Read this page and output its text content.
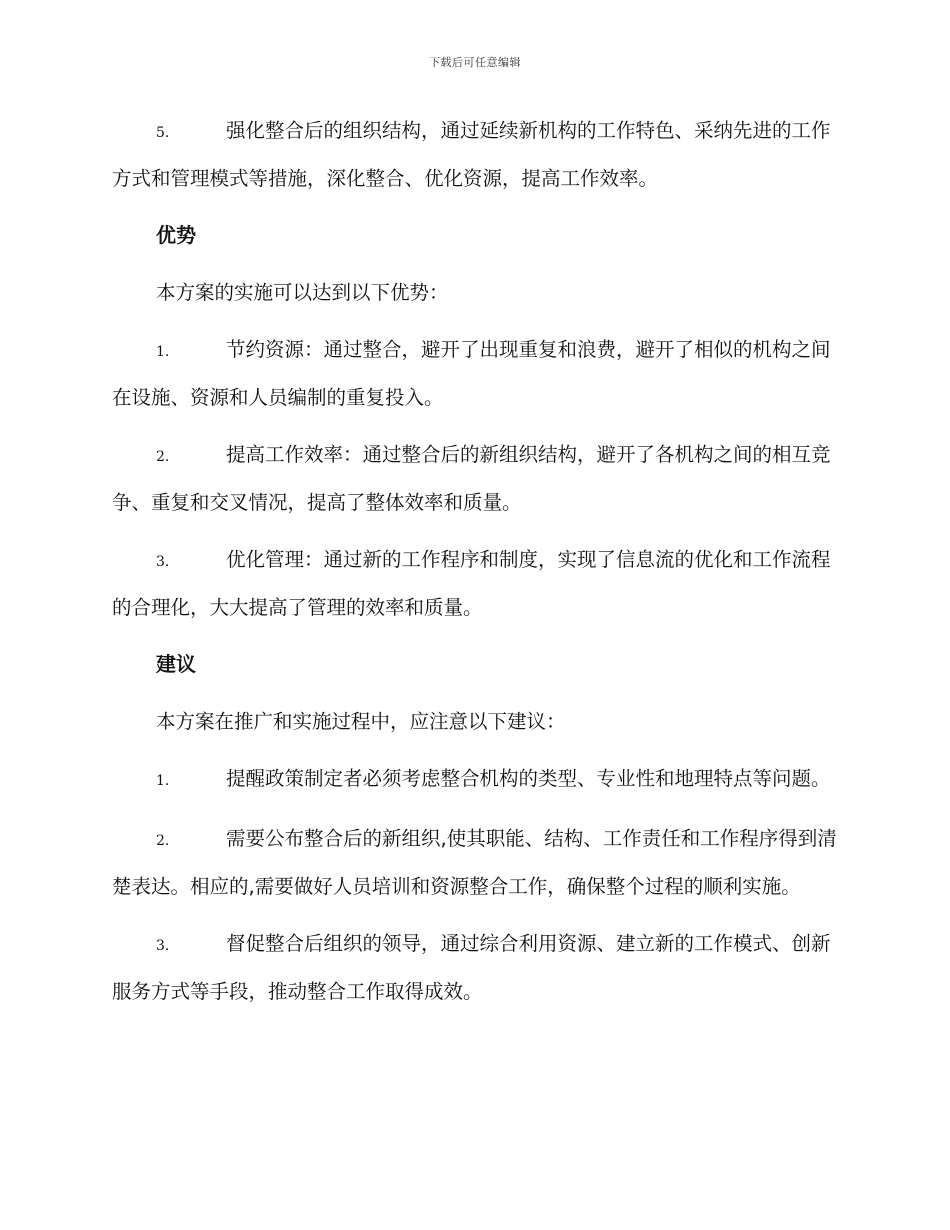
下载后可任意编辑

5.	强化整合后的组织结构，通过延续新机构的工作特色、采纳先进的工作方式和管理模式等措施，深化整合、优化资源，提高工作效率。

优势

本方案的实施可以达到以下优势：

1.	节约资源：通过整合，避开了出现重复和浪费，避开了相似的机构之间在设施、资源和人员编制的重复投入。

2.	提高工作效率：通过整合后的新组织结构，避开了各机构之间的相互竞争、重复和交叉情况，提高了整体效率和质量。

3.	优化管理：通过新的工作程序和制度，实现了信息流的优化和工作流程的合理化，大大提高了管理的效率和质量。

建议

本方案在推广和实施过程中，应注意以下建议：

1.	提醒政策制定者必须考虑整合机构的类型、专业性和地理特点等问题。

2.	需要公布整合后的新组织,使其职能、结构、工作责任和工作程序得到清楚表达。相应的,需要做好人员培训和资源整合工作，确保整个过程的顺利实施。

3.	督促整合后组织的领导，通过综合利用资源、建立新的工作模式、创新服务方式等手段，推动整合工作取得成效。
